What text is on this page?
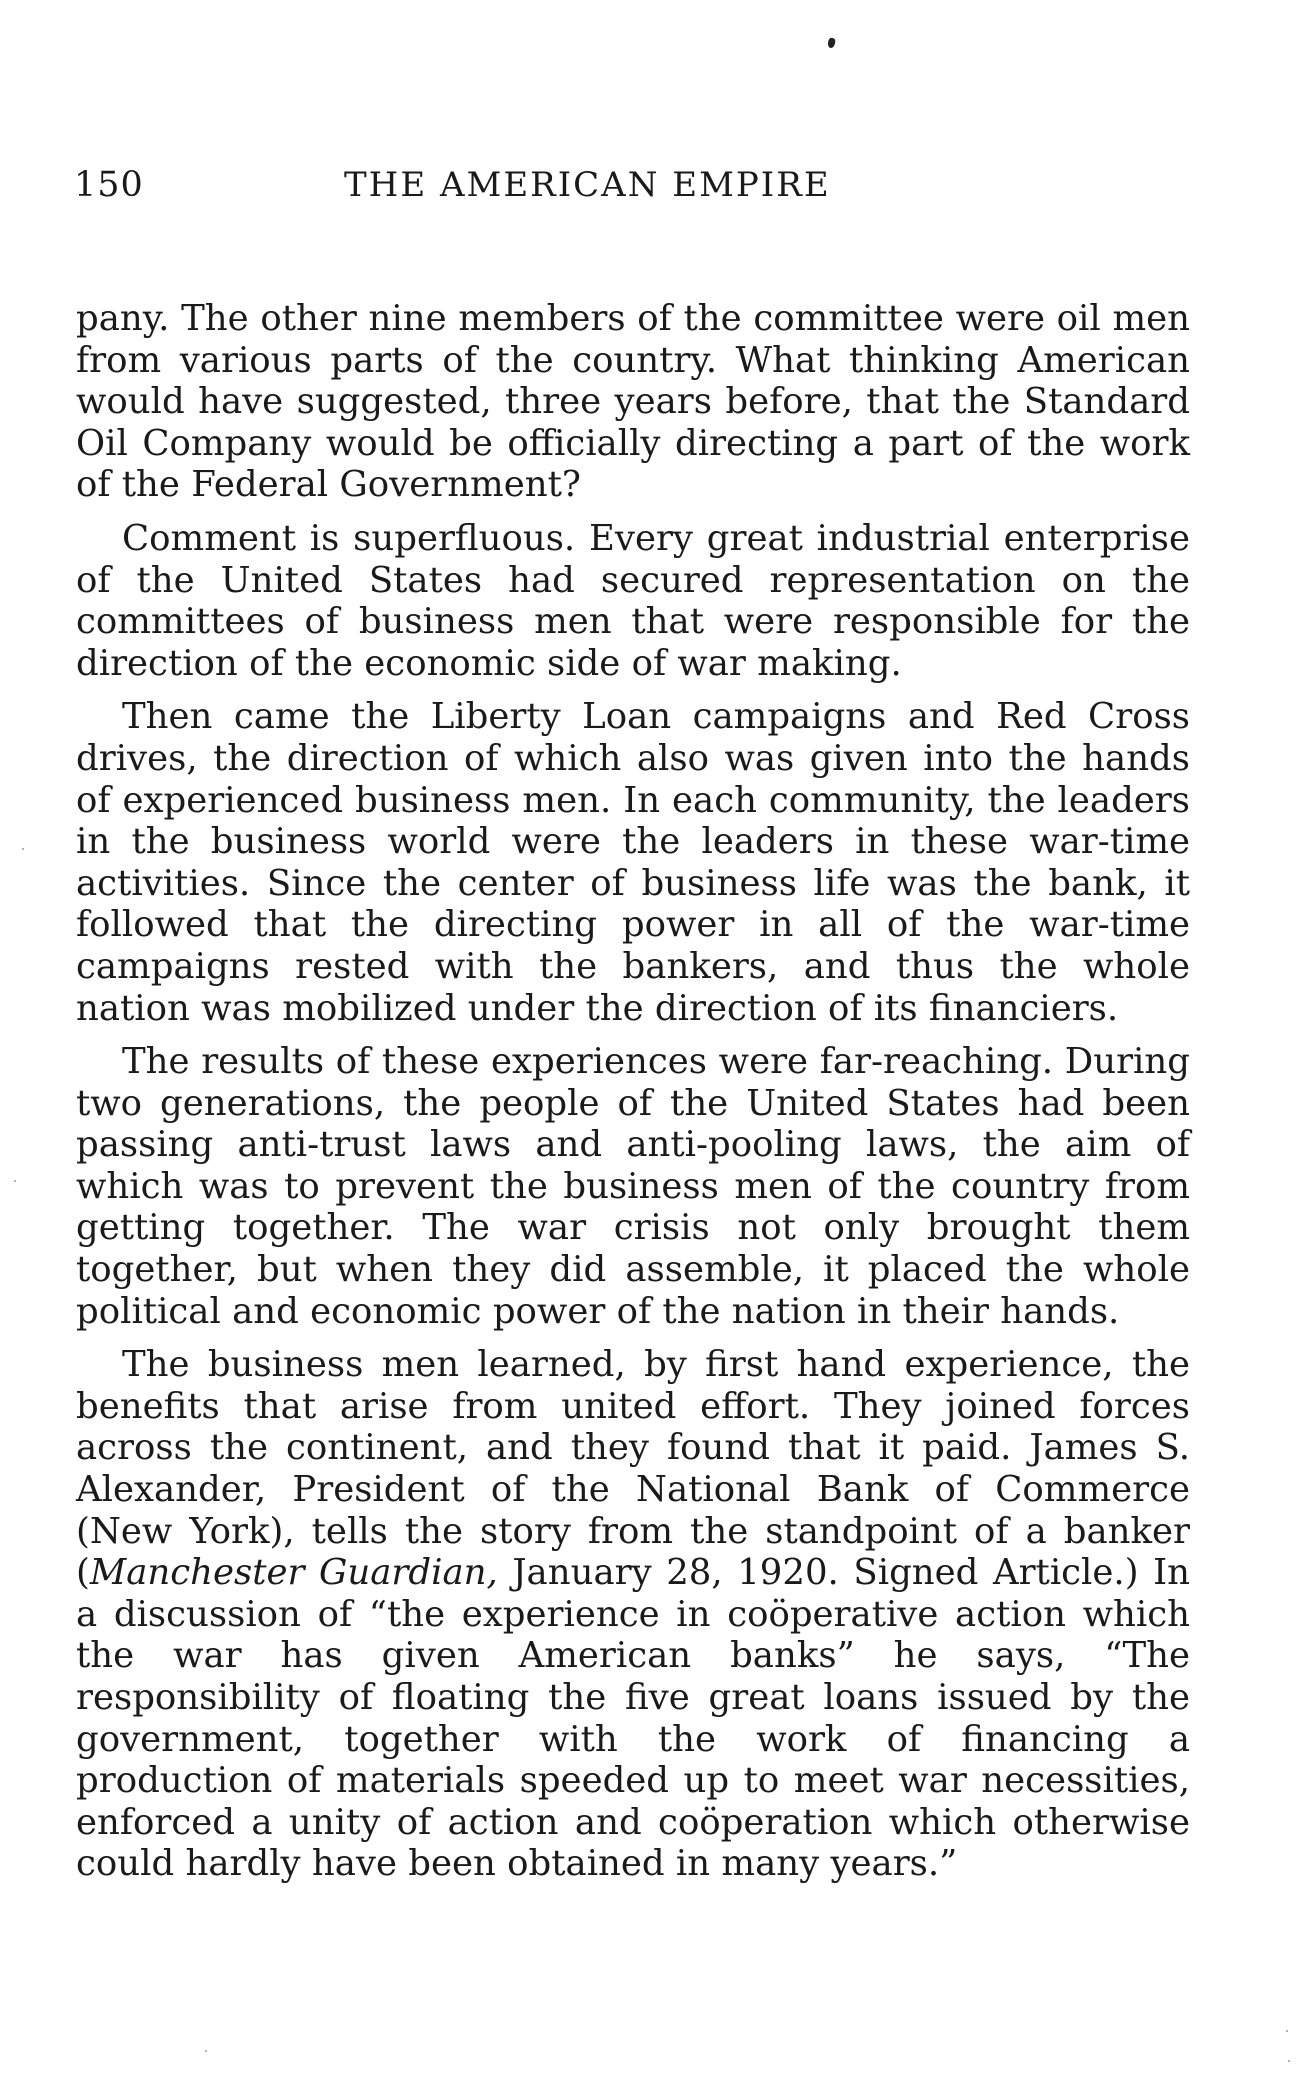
150	THE AMERICAN EMPIRE

pany. The other nine members of the committee were oil men from various parts of the country. What thinking American would have suggested, three years before, that the Standard Oil Company would be officially directing a part of the work of the Federal Government?

Comment is superfluous. Every great industrial enterprise of the United States had secured representation on the committees of business men that were responsible for the direction of the economic side of war making.

Then came the Liberty Loan campaigns and Red Cross drives, the direction of which also was given into the hands of experienced business men. In each community, the leaders in the business world were the leaders in these war-time activities. Since the center of business life was the bank, it followed that the directing power in all of the war-time campaigns rested with the bankers, and thus the whole nation was mobilized under the direction of its financiers.

The results of these experiences were far-reaching. During two generations, the people of the United States had been passing anti-trust laws and anti-pooling laws, the aim of which was to prevent the business men of the country from getting together. The war crisis not only brought them together, but when they did assemble, it placed the whole political and economic power of the nation in their hands.

The business men learned, by first hand experience, the benefits that arise from united effort. They joined forces across the continent, and they found that it paid. James S. Alexander, President of the National Bank of Commerce (New York), tells the story from the standpoint of a banker (Manchester Guardian, January 28, 1920. Signed Article.) In a discussion of “the experience in coöperative action which the war has given American banks” he says, “The responsibility of floating the five great loans issued by the government, together with the work of financing a production of materials speeded up to meet war necessities, enforced a unity of action and coöperation which otherwise could hardly have been obtained in many years.”
